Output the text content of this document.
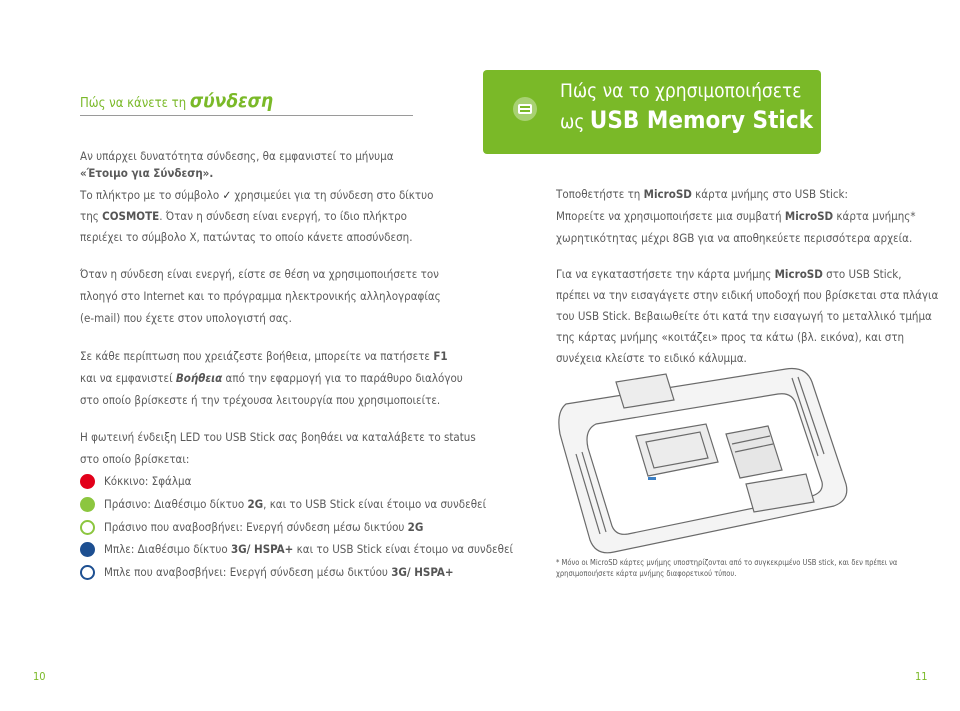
Πώς να κάνετε τη σύνδεση
Αν υπάρχει δυνατότητα σύνδεσης, θα εμφανιστεί το μήνυμα
«Έτοιμο για Σύνδεση».
Το πλήκτρο με το σύμβολο ✓ χρησιμεύει για τη σύνδεση στο δίκτυο
της COSMOTE. Όταν η σύνδεση είναι ενεργή, το ίδιο πλήκτρο
περιέχει το σύμβολο Χ, πατώντας το οποίο κάνετε αποσύνδεση.
Όταν η σύνδεση είναι ενεργή, είστε σε θέση να χρησιμοποιήσετε τον
πλοηγό στο Internet και το πρόγραμμα ηλεκτρονικής αλληλογραφίας
(e-mail) που έχετε στον υπολογιστή σας.
Σε κάθε περίπτωση που χρειάζεστε βοήθεια, μπορείτε να πατήσετε F1
και να εμφανιστεί Βοήθεια από την εφαρμογή για το παράθυρο διαλόγου
στο οποίο βρίσκεστε ή την τρέχουσα λειτουργία που χρησιμοποιείτε.
Η φωτεινή ένδειξη LED του USB Stick σας βοηθάει να καταλάβετε το status
στο οποίο βρίσκεται:
Κόκκινο: Σφάλμα
Πράσινο: Διαθέσιμο δίκτυο 2G, και το USB Stick είναι έτοιμο να συνδεθεί
Πράσινο που αναβοσβήνει: Ενεργή σύνδεση μέσω δικτύου 2G
Μπλε: Διαθέσιμο δίκτυο 3G/ HSPA+ και το USB Stick είναι έτοιμο να συνδεθεί
Μπλε που αναβοσβήνει: Ενεργή σύνδεση μέσω δικτύου 3G/ HSPA+
Πώς να το χρησιμοποιήσετε
ως USB Memory Stick
Τοποθετήστε τη MicroSD κάρτα μνήμης στο USB Stick:
Μπορείτε να χρησιμοποιήσετε μια συμβατή MicroSD κάρτα μνήμης*
χωρητικότητας μέχρι 8GB για να αποθηκεύετε περισσότερα αρχεία.
Για να εγκαταστήσετε την κάρτα μνήμης MicroSD στο USB Stick,
πρέπει να την εισαγάγετε στην ειδική υποδοχή που βρίσκεται στα πλάγια
του USB Stick. Βεβαιωθείτε ότι κατά την εισαγωγή το μεταλλικό τμήμα
της κάρτας μνήμης «κοιτάζει» προς τα κάτω (βλ. εικόνα), και στη
συνέχεια κλείστε το ειδικό κάλυμμα.
* Μόνο οι MicroSD κάρτες μνήμης υποστηρίζονται από το συγκεκριμένο USB stick, και δεν πρέπει να
χρησιμοποιήσετε κάρτα μνήμης διαφορετικού τύπου.
10	11
